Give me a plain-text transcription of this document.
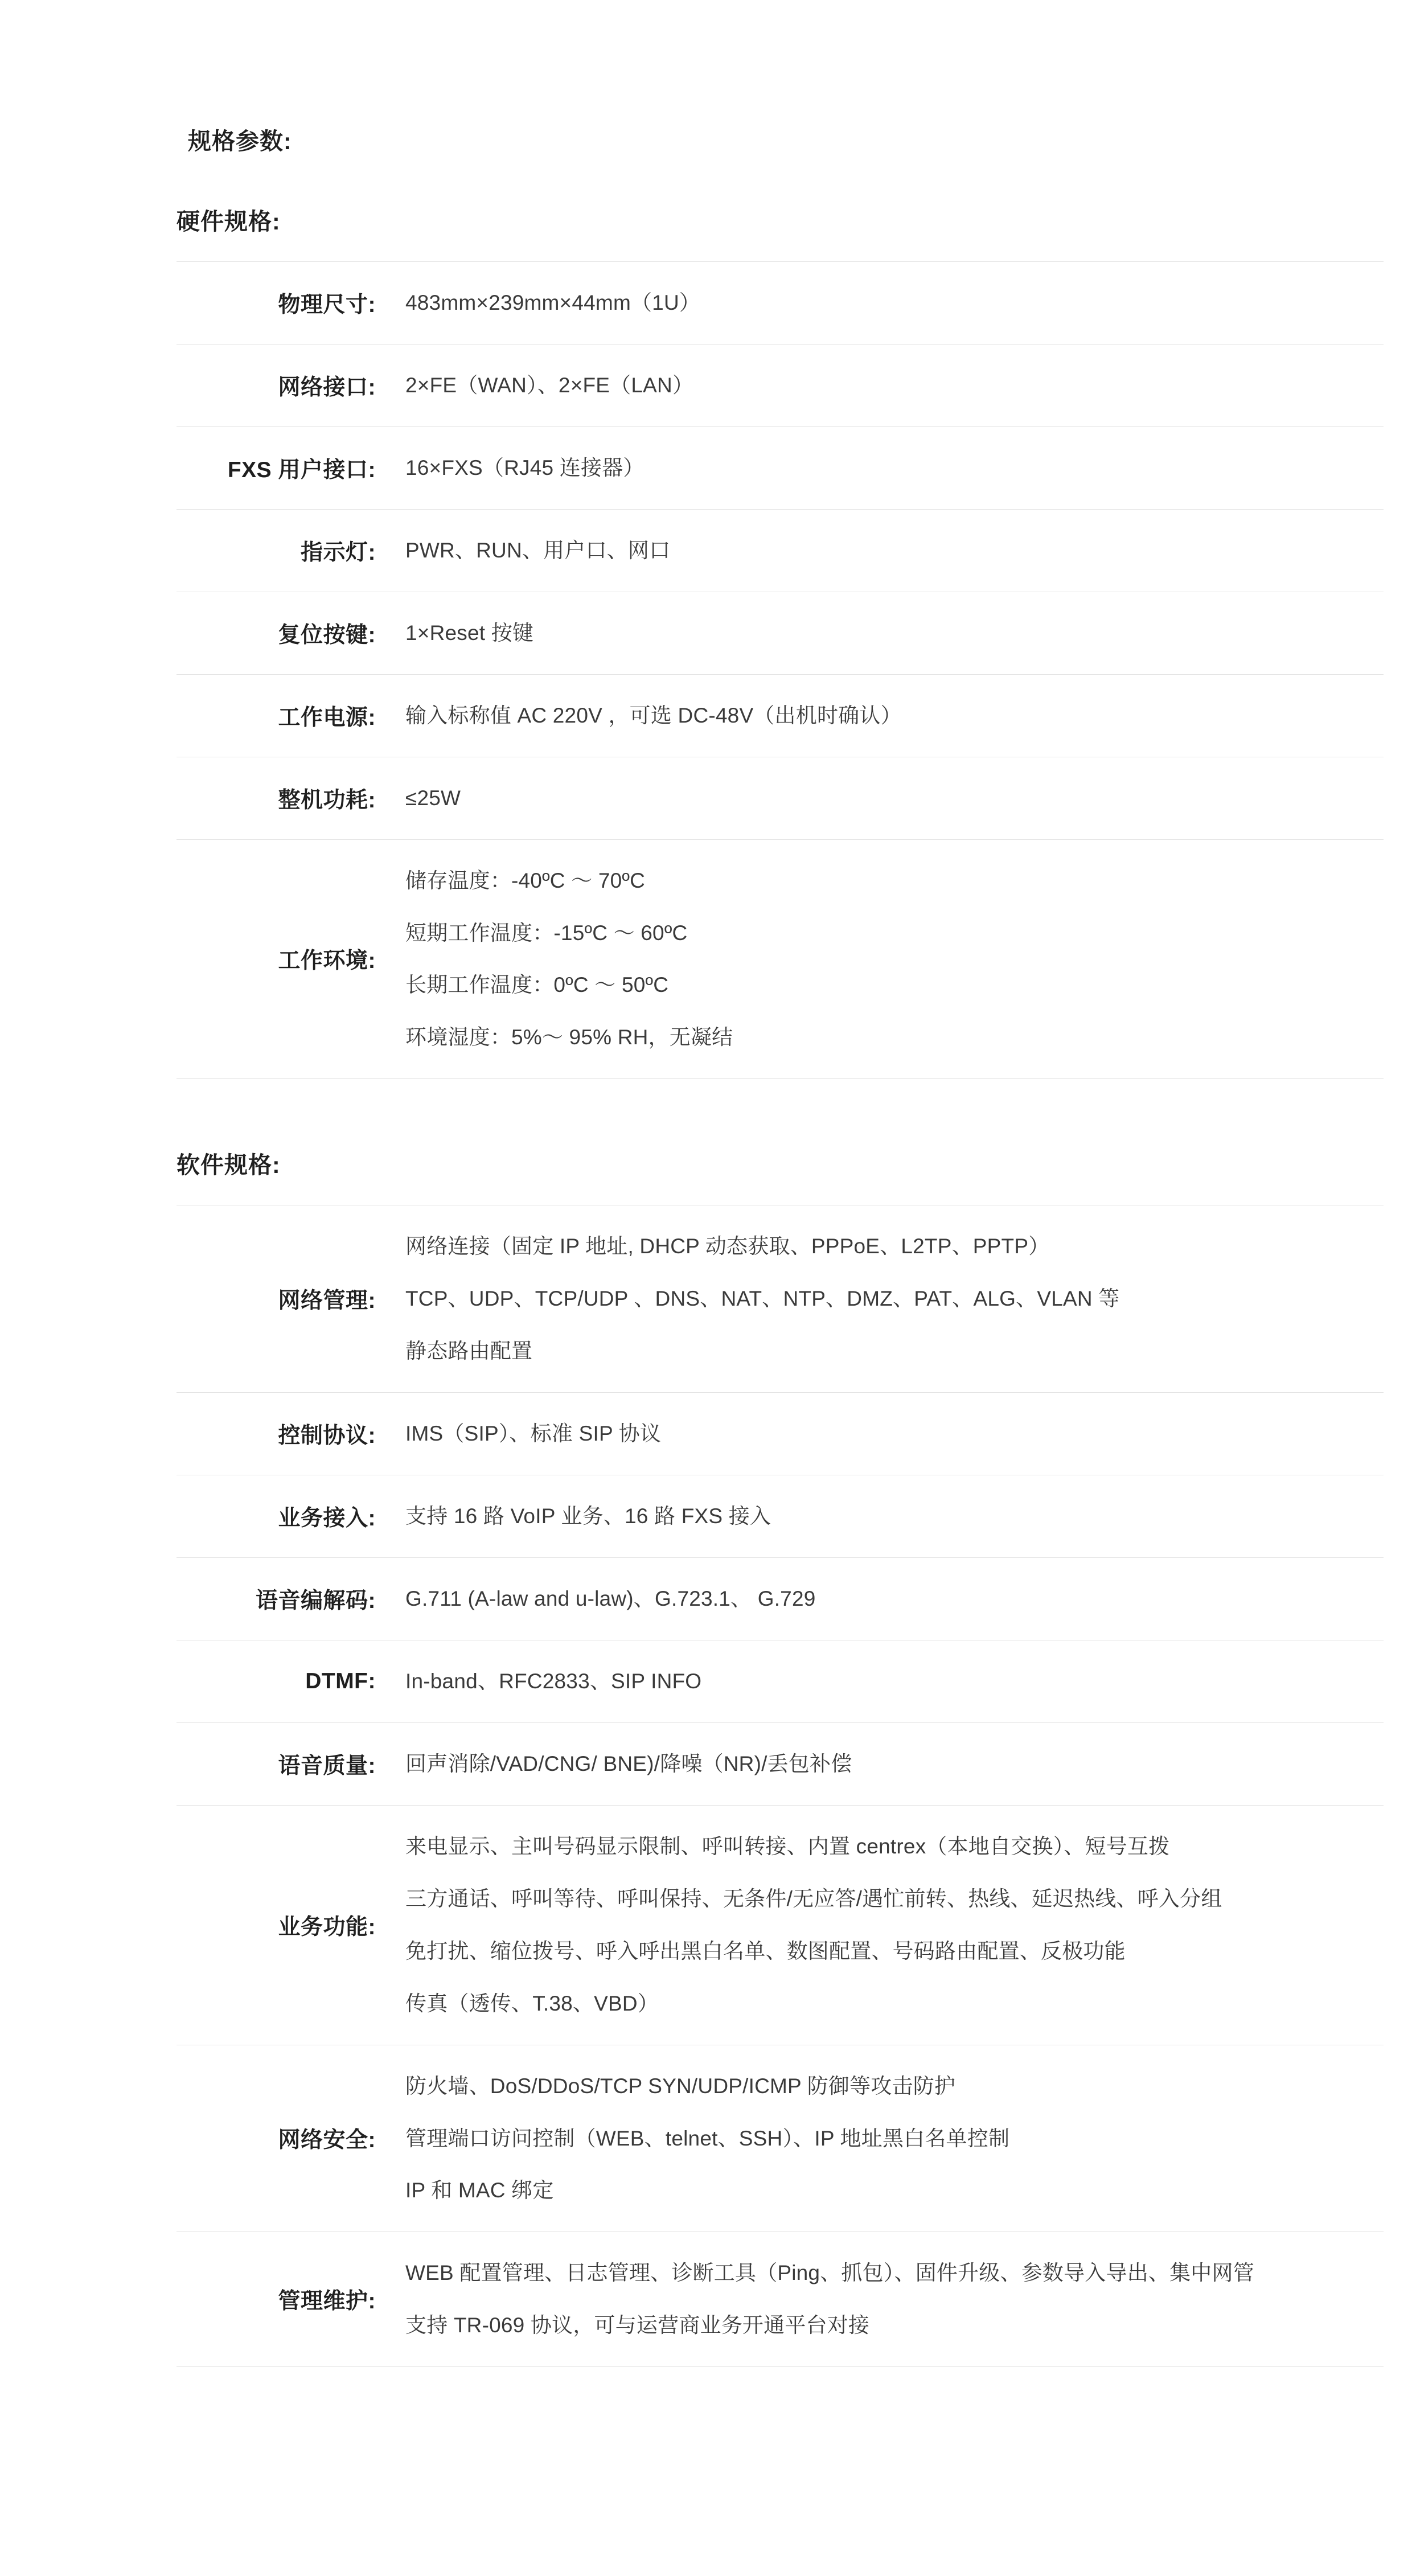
规格参数:
硬件规格:
物理尺寸:	483mm×239mm×44mm（1U）

网络接口:	2×FE（WAN）、2×FE（LAN）

FXS 用户接口:	16×FXS（RJ45 连接器）

指示灯:	PWR、RUN、用户口、网口

复位按键:	1×Reset 按键

工作电源:	输入标称值 AC 220V ，可选 DC-48V（出机时确认）

整机功耗:	≤25W

工作环境:	储存温度：-40ºC ～ 70ºC
短期工作温度：-15ºC ～ 60ºC
长期工作温度：0ºC ～ 50ºC
环境湿度：5%～ 95% RH，无凝结
软件规格:
网络管理:	网络连接（固定 IP 地址, DHCP 动态获取、PPPoE、L2TP、PPTP）
TCP、UDP、TCP/UDP 、DNS、NAT、NTP、DMZ、PAT、ALG、VLAN 等
静态路由配置

控制协议:	IMS（SIP）、标准 SIP 协议

业务接入:	支持 16 路 VoIP 业务、16 路 FXS 接入

语音编解码:	G.711 (A-law and u-law)、G.723.1、 G.729

DTMF:	In-band、RFC2833、SIP INFO

语音质量:	回声消除/VAD/CNG/ BNE)/降噪（NR)/丢包补偿

业务功能:	来电显示、主叫号码显示限制、呼叫转接、内置 centrex（本地自交换）、短号互拨
三方通话、呼叫等待、呼叫保持、无条件/无应答/遇忙前转、热线、延迟热线、呼入分组
免打扰、缩位拨号、呼入呼出黑白名单、数图配置、号码路由配置、反极功能
传真（透传、T.38、VBD）

网络安全:	防火墙、DoS/DDoS/TCP SYN/UDP/ICMP 防御等攻击防护
管理端口访问控制（WEB、telnet、SSH）、IP 地址黑白名单控制
IP 和 MAC 绑定

管理维护:	WEB 配置管理、日志管理、诊断工具（Ping、抓包）、固件升级、参数导入导出、集中网管
支持 TR-069 协议，可与运营商业务开通平台对接
